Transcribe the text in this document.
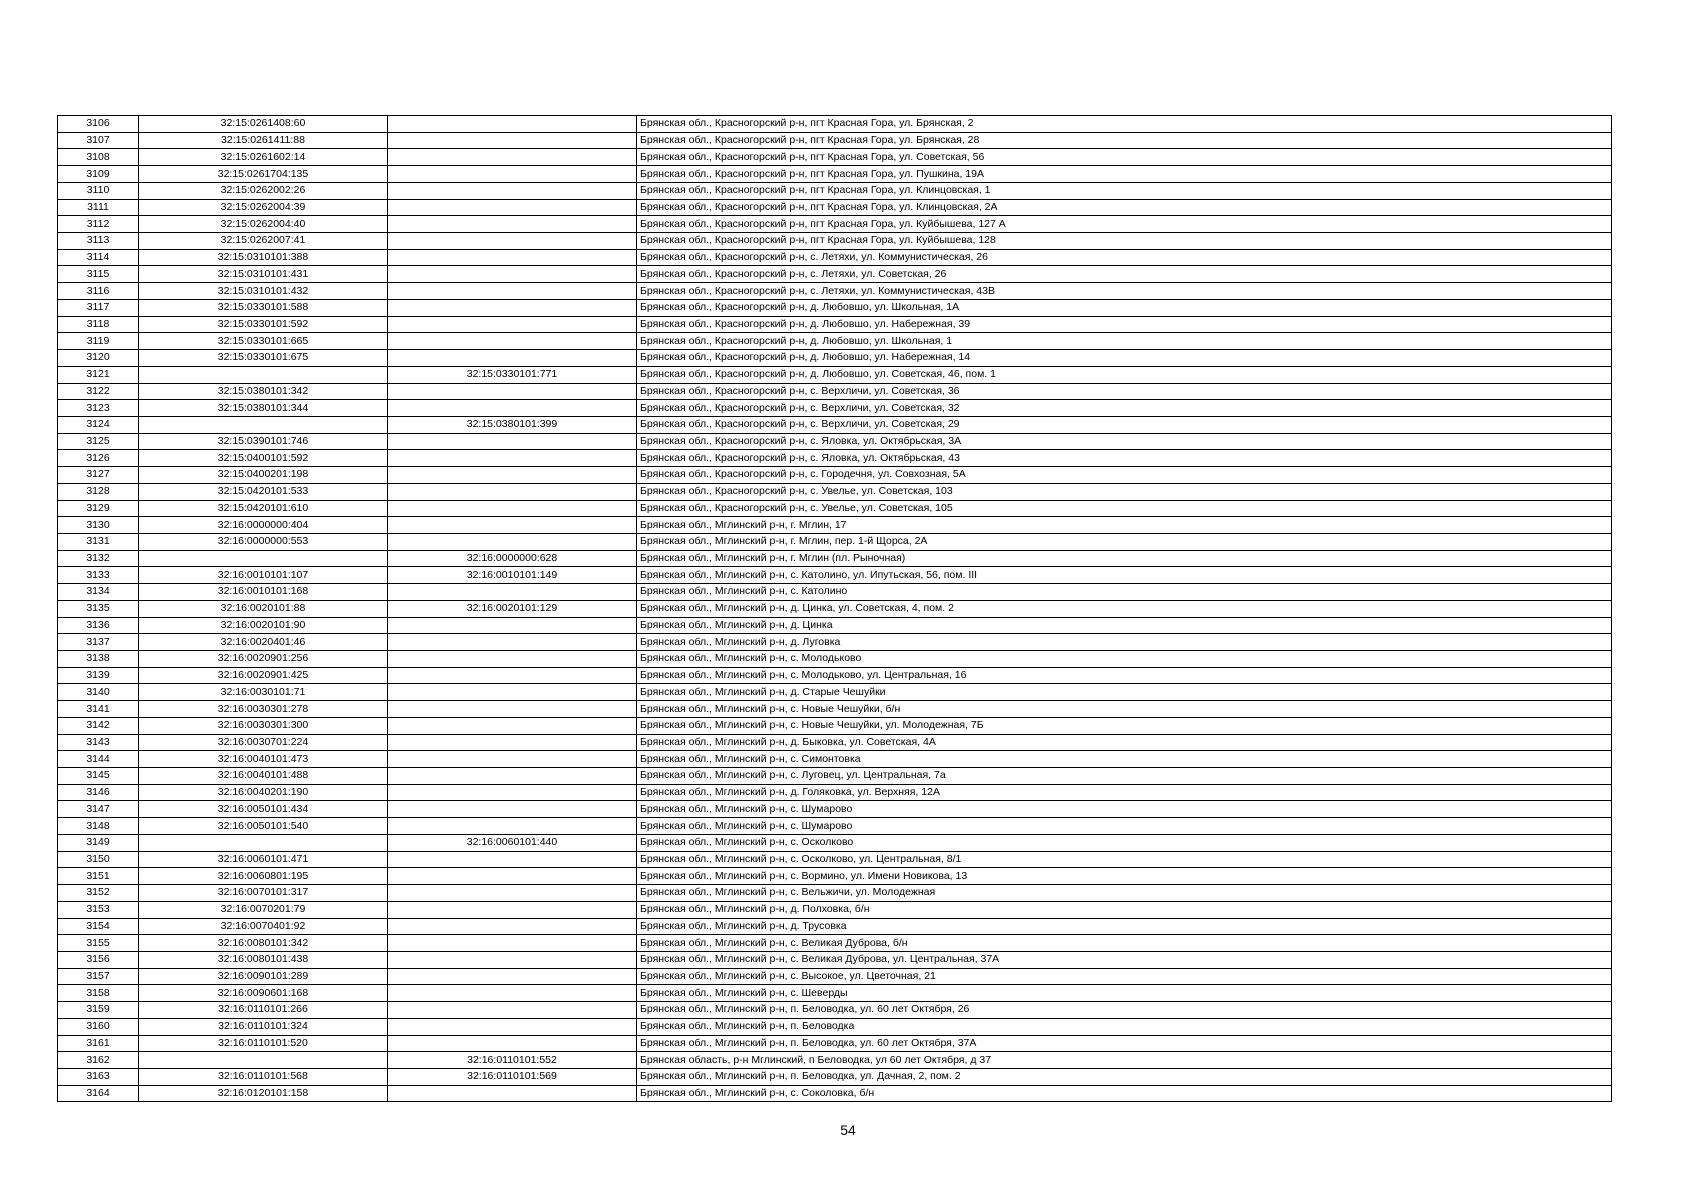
3106	32:15:0261408:60		Брянская обл., Красногорский р-н, пгт Красная Гора, ул. Брянская, 2
3107	32:15:0261411:88		Брянская обл., Красногорский р-н, пгт Красная Гора, ул. Брянская, 28
3108	32:15:0261602:14		Брянская обл., Красногорский р-н, пгт Красная Гора, ул. Советская, 56
3109	32:15:0261704:135		Брянская обл., Красногорский р-н, пгт Красная Гора, ул. Пушкина, 19А
3110	32:15:0262002:26		Брянская обл., Красногорский р-н, пгт Красная Гора, ул. Клинцовская, 1
3111	32:15:0262004:39		Брянская обл., Красногорский р-н, пгт Красная Гора, ул. Клинцовская, 2А
3112	32:15:0262004:40		Брянская обл., Красногорский р-н, пгт Красная Гора, ул. Куйбышева, 127 А
3113	32:15:0262007:41		Брянская обл., Красногорский р-н, пгт Красная Гора, ул. Куйбышева, 128
3114	32:15:0310101:388		Брянская обл., Красногорский р-н, с. Летяхи, ул. Коммунистическая, 26
3115	32:15:0310101:431		Брянская обл., Красногорский р-н, с. Летяхи, ул. Советская, 26
3116	32:15:0310101:432		Брянская обл., Красногорский р-н, с. Летяхи, ул. Коммунистическая, 43В
3117	32:15:0330101:588		Брянская обл., Красногорский р-н, д. Любовшо, ул. Школьная, 1А
3118	32:15:0330101:592		Брянская обл., Красногорский р-н, д. Любовшо, ул. Набережная, 39
3119	32:15:0330101:665		Брянская обл., Красногорский р-н, д. Любовшо, ул. Школьная, 1
3120	32:15:0330101:675		Брянская обл., Красногорский р-н, д. Любовшо, ул. Набережная, 14
3121		32:15:0330101:771	Брянская обл., Красногорский р-н, д. Любовшо, ул. Советская, 46, пом. 1
3122	32:15:0380101:342		Брянская обл., Красногорский р-н, с. Верхличи, ул. Советская, 36
3123	32:15:0380101:344		Брянская обл., Красногорский р-н, с. Верхличи, ул. Советская, 32
3124		32:15:0380101:399	Брянская обл., Красногорский р-н, с. Верхличи, ул. Советская, 29
3125	32:15:0390101:746		Брянская обл., Красногорский р-н, с. Яловка, ул. Октябрьская, 3А
3126	32:15:0400101:592		Брянская обл., Красногорский р-н, с. Яловка, ул. Октябрьская, 43
3127	32:15:0400201:198		Брянская обл., Красногорский р-н, с. Городечня, ул. Совхозная, 5А
3128	32:15:0420101:533		Брянская обл., Красногорский р-н, с. Увелье, ул. Советская, 103
3129	32:15:0420101:610		Брянская обл., Красногорский р-н, с. Увелье, ул. Советская, 105
3130	32:16:0000000:404		Брянская обл., Мглинский р-н, г. Мглин, 17
3131	32:16:0000000:553		Брянская обл., Мглинский р-н, г. Мглин, пер. 1-й Щорса, 2А
3132		32:16:0000000:628	Брянская обл., Мглинский р-н, г. Мглин (пл. Рыночная)
3133	32:16:0010101:107	32:16:0010101:149	Брянская обл., Мглинский р-н, с. Католино, ул. Ипутьская, 56, пом. III
3134	32:16:0010101:168		Брянская обл., Мглинский р-н, с. Католино
3135	32:16:0020101:88	32:16:0020101:129	Брянская обл., Мглинский р-н, д. Цинка, ул. Советская, 4, пом. 2
3136	32:16:0020101:90		Брянская обл., Мглинский р-н, д. Цинка
3137	32:16:0020401:46		Брянская обл., Мглинский р-н, д. Луговка
3138	32:16:0020901:256		Брянская обл., Мглинский р-н, с. Молодьково
3139	32:16:0020901:425		Брянская обл., Мглинский р-н, с. Молодьково, ул. Центральная, 16
3140	32:16:0030101:71		Брянская обл., Мглинский р-н, д. Старые Чешуйки
3141	32:16:0030301:278		Брянская обл., Мглинский р-н, с. Новые Чешуйки, б/н
3142	32:16:0030301:300		Брянская обл., Мглинский р-н, с. Новые Чешуйки, ул. Молодежная, 7Б
3143	32:16:0030701:224		Брянская обл., Мглинский р-н, д. Быковка, ул. Советская, 4А
3144	32:16:0040101:473		Брянская обл., Мглинский р-н, с. Симонтовка
3145	32:16:0040101:488		Брянская обл., Мглинский р-н, с. Луговец, ул. Центральная, 7а
3146	32:16:0040201:190		Брянская обл., Мглинский р-н, д. Голяковка, ул. Верхняя, 12А
3147	32:16:0050101:434		Брянская обл., Мглинский р-н, с. Шумарово
3148	32:16:0050101:540		Брянская обл., Мглинский р-н, с. Шумарово
3149		32:16:0060101:440	Брянская обл., Мглинский р-н, с. Осколково
3150	32:16:0060101:471		Брянская обл., Мглинский р-н, с. Осколково, ул. Центральная, 8/1
3151	32:16:0060801:195		Брянская обл., Мглинский р-н, с. Вормино, ул. Имени Новикова, 13
3152	32:16:0070101:317		Брянская обл., Мглинский р-н, с. Вельжичи, ул. Молодежная
3153	32:16:0070201:79		Брянская обл., Мглинский р-н, д. Полховка, б/н
3154	32:16:0070401:92		Брянская обл., Мглинский р-н, д. Трусовка
3155	32:16:0080101:342		Брянская обл., Мглинский р-н, с. Великая Дуброва, б/н
3156	32:16:0080101:438		Брянская обл., Мглинский р-н, с. Великая Дуброва, ул. Центральная, 37А
3157	32:16:0090101:289		Брянская обл., Мглинский р-н, с. Высокое, ул. Цветочная, 21
3158	32:16:0090601:168		Брянская обл., Мглинский р-н, с. Шеверды
3159	32:16:0110101:266		Брянская обл., Мглинский р-н, п. Беловодка, ул. 60 лет Октября, 26
3160	32:16:0110101:324		Брянская обл., Мглинский р-н, п. Беловодка
3161	32:16:0110101:520		Брянская обл., Мглинский р-н, п. Беловодка, ул. 60 лет Октября, 37А
3162		32:16:0110101:552	Брянская область, р-н Мглинский, п Беловодка, ул 60 лет Октября, д 37
3163	32:16:0110101:568	32:16:0110101:569	Брянская обл., Мглинский р-н, п. Беловодка, ул. Дачная, 2, пом. 2
3164	32:16:0120101:158		Брянская обл., Мглинский р-н, с. Соколовка, б/н
54
